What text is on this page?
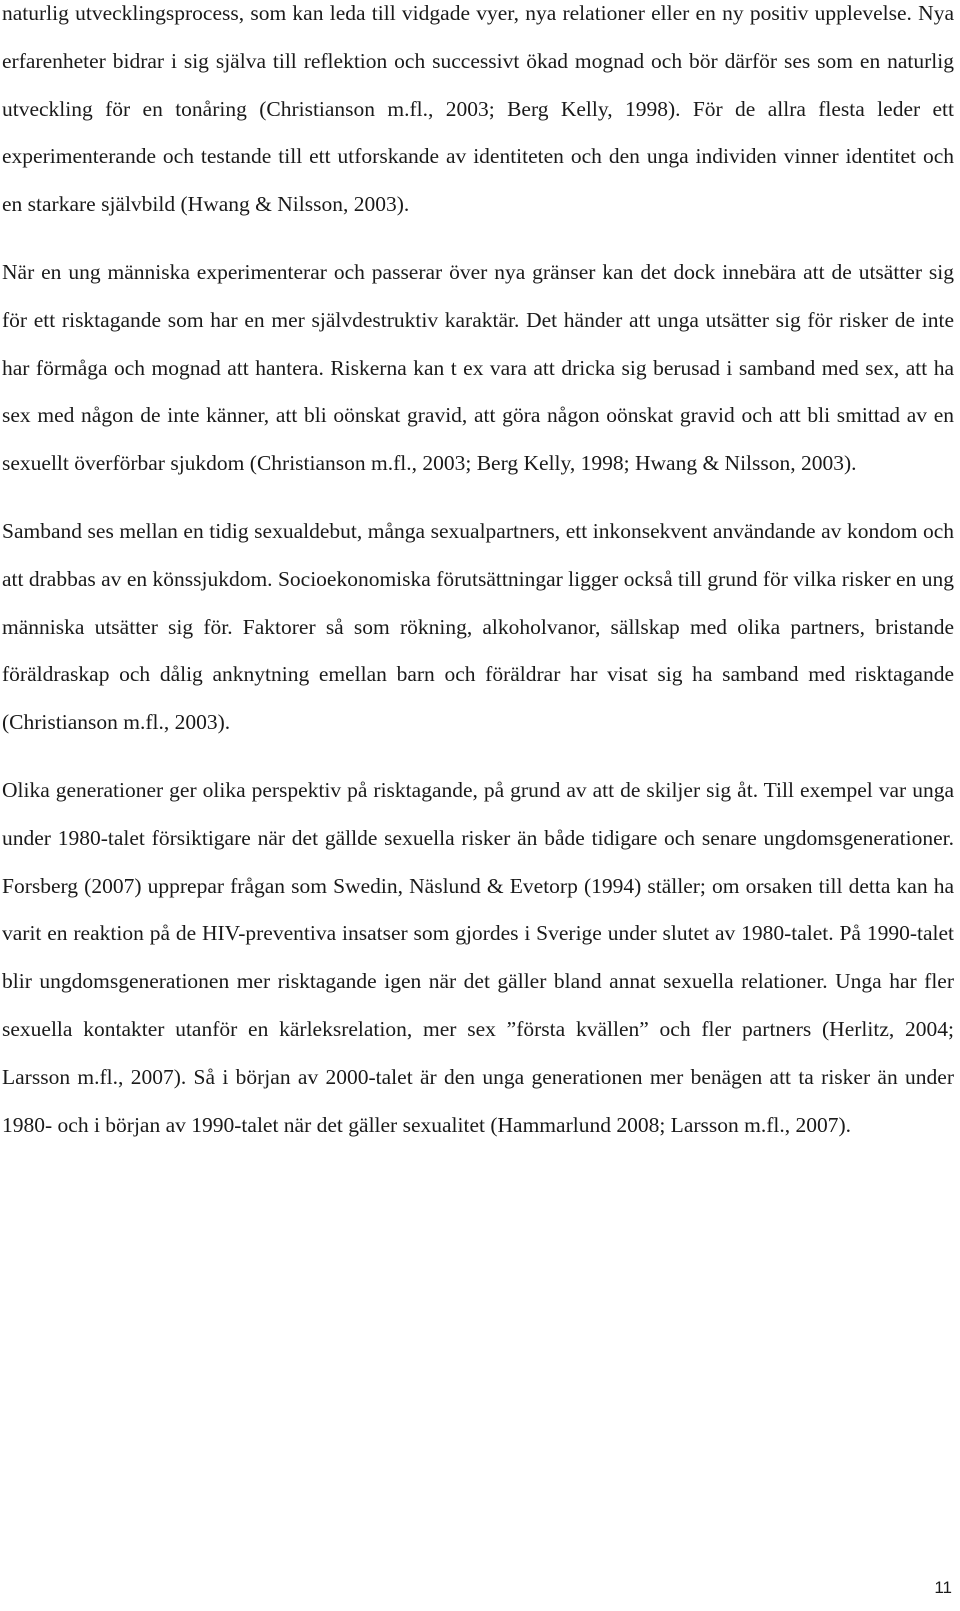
naturlig utvecklingsprocess, som kan leda till vidgade vyer, nya relationer eller en ny positiv upplevelse. Nya erfarenheter bidrar i sig själva till reflektion och successivt ökad mognad och bör därför ses som en naturlig utveckling för en tonåring (Christianson m.fl., 2003; Berg Kelly, 1998). För de allra flesta leder ett experimenterande och testande till ett utforskande av identiteten och den unga individen vinner identitet och en starkare självbild (Hwang & Nilsson, 2003).

När en ung människa experimenterar och passerar över nya gränser kan det dock innebära att de utsätter sig för ett risktagande som har en mer självdestruktiv karaktär. Det händer att unga utsätter sig för risker de inte har förmåga och mognad att hantera. Riskerna kan t ex vara att dricka sig berusad i samband med sex, att ha sex med någon de inte känner, att bli oönskat gravid, att göra någon oönskat gravid och att bli smittad av en sexuellt överförbar sjukdom (Christianson m.fl., 2003; Berg Kelly, 1998; Hwang & Nilsson, 2003).

Samband ses mellan en tidig sexualdebut, många sexualpartners, ett inkonsekvent användande av kondom och att drabbas av en könssjukdom. Socioekonomiska förutsättningar ligger också till grund för vilka risker en ung människa utsätter sig för. Faktorer så som rökning, alkoholvanor, sällskap med olika partners, bristande föräldraskap och dålig anknytning emellan barn och föräldrar har visat sig ha samband med risktagande (Christianson m.fl., 2003).

Olika generationer ger olika perspektiv på risktagande, på grund av att de skiljer sig åt. Till exempel var unga under 1980-talet försiktigare när det gällde sexuella risker än både tidigare och senare ungdomsgenerationer. Forsberg (2007) upprepar frågan som Swedin, Näslund & Evetorp (1994) ställer; om orsaken till detta kan ha varit en reaktion på de HIV-preventiva insatser som gjordes i Sverige under slutet av 1980-talet. På 1990-talet blir ungdomsgenerationen mer risktagande igen när det gäller bland annat sexuella relationer. Unga har fler sexuella kontakter utanför en kärleksrelation, mer sex ”första kvällen” och fler partners (Herlitz, 2004; Larsson m.fl., 2007). Så i början av 2000-talet är den unga generationen mer benägen att ta risker än under 1980- och i början av 1990-talet när det gäller sexualitet (Hammarlund 2008; Larsson m.fl., 2007).

11
